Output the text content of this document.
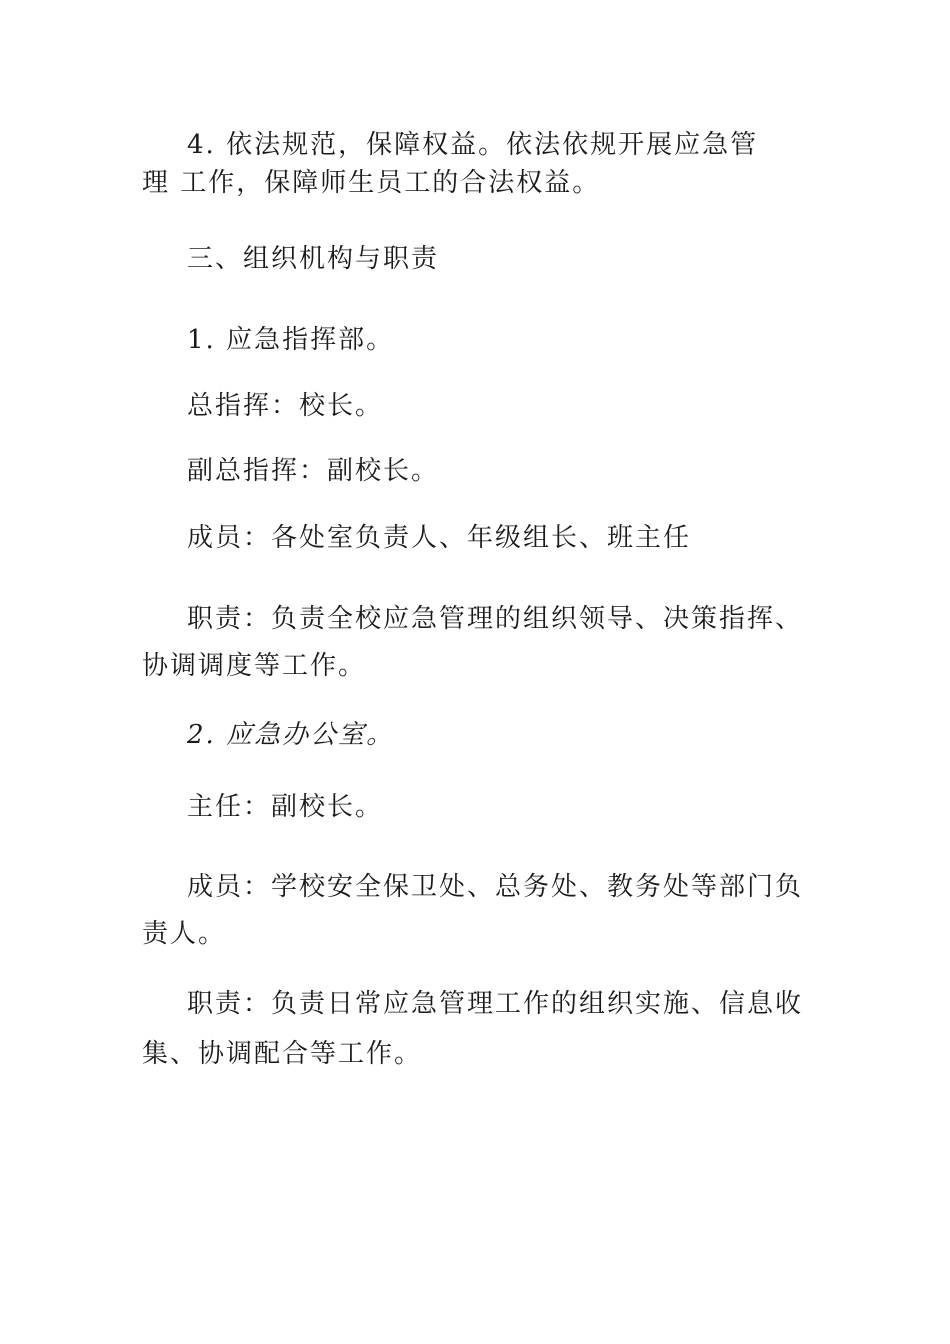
4. 依法规范，保障权益。依法依规开展应急管
理 工作，保障师生员工的合法权益。
三、组织机构与职责
1. 应急指挥部。
总指挥：校长。
副总指挥：副校长。
成员：各处室负责人、年级组长、班主任
职责：负责全校应急管理的组织领导、决策指挥、
协调调度等工作。
2. 应急办公室。
主任：副校长。
成员：学校安全保卫处、总务处、教务处等部门负
责人。
职责：负责日常应急管理工作的组织实施、信息收
集、协调配合等工作。
